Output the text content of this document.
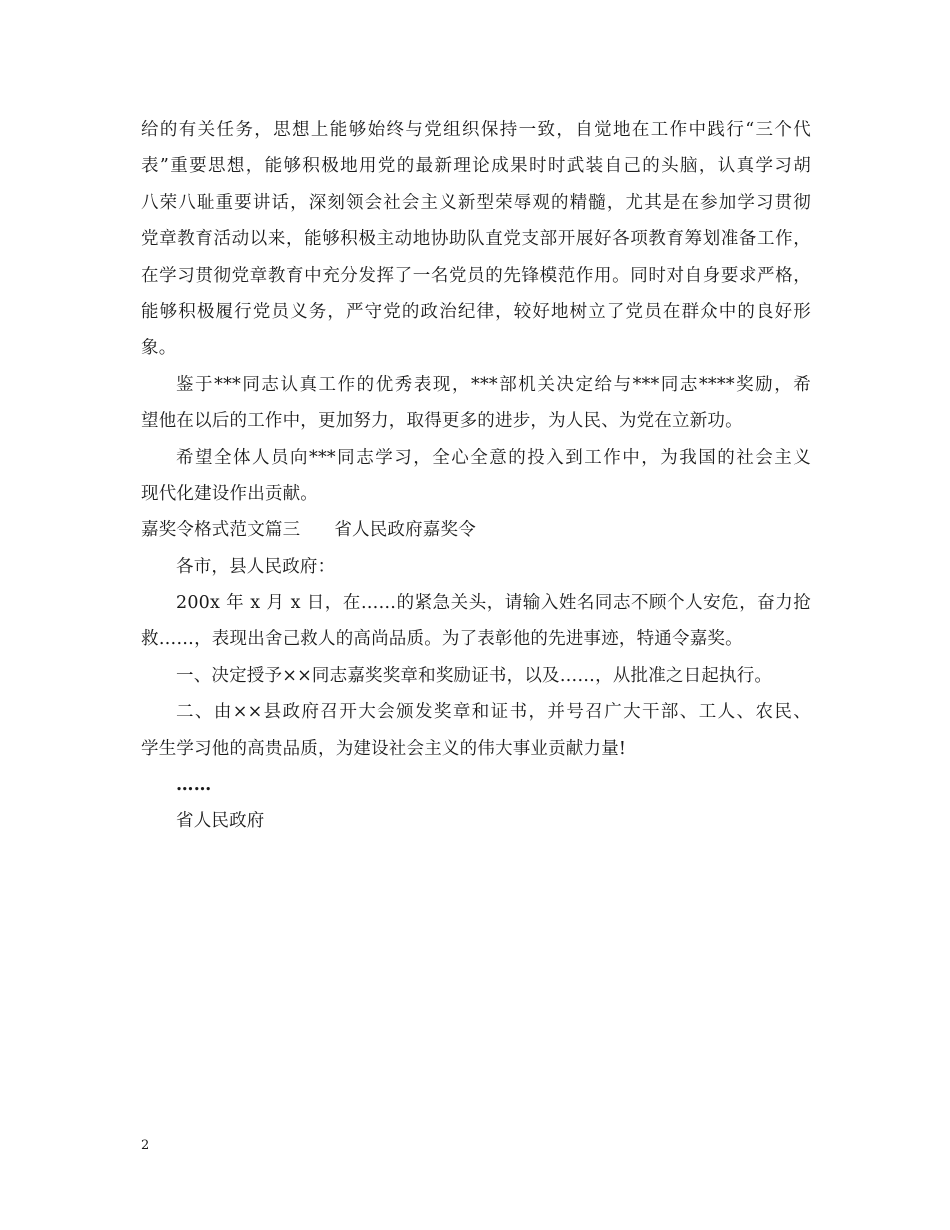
给的有关任务，思想上能够始终与党组织保持一致，自觉地在工作中践行“三个代
表”重要思想，能够积极地用党的最新理论成果时时武装自己的头脑，认真学习胡
八荣八耻重要讲话，深刻领会社会主义新型荣辱观的精髓，尤其是在参加学习贯彻
党章教育活动以来，能够积极主动地协助队直党支部开展好各项教育筹划准备工作，
在学习贯彻党章教育中充分发挥了一名党员的先锋模范作用。同时对自身要求严格，
能够积极履行党员义务，严守党的政治纪律，较好地树立了党员在群众中的良好形
象。
鉴于***同志认真工作的优秀表现，***部机关决定给与***同志****奖励，希
望他在以后的工作中，更加努力，取得更多的进步，为人民、为党在立新功。
希望全体人员向***同志学习，全心全意的投入到工作中，为我国的社会主义
现代化建设作出贡献。
嘉奖令格式范文篇三 省人民政府嘉奖令
各市，县人民政府：
200x 年 x 月 x 日，在……的紧急关头，请输入姓名同志不顾个人安危，奋力抢
救……，表现出舍己救人的高尚品质。为了表彰他的先进事迹，特通令嘉奖。
一、决定授予××同志嘉奖奖章和奖励证书，以及……，从批准之日起执行。
二、由××县政府召开大会颁发奖章和证书，并号召广大干部、工人、农民、
学生学习他的高贵品质，为建设社会主义的伟大事业贡献力量!
……
省人民政府
2
